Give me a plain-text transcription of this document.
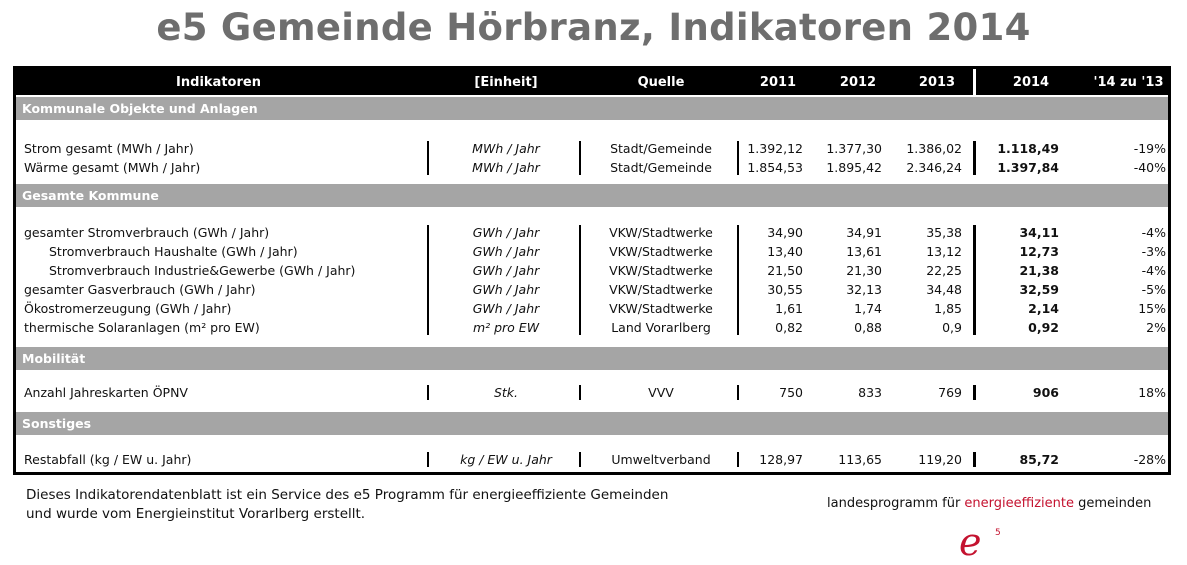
e5 Gemeinde Hörbranz, Indikatoren 2014
Indikatoren	[Einheit]	Quelle	2011	2012	2013	2014	'14 zu '13
Kommunale Objekte und Anlagen
Strom gesamt (MWh / Jahr)	MWh / Jahr	Stadt/Gemeinde	1.392,12	1.377,30	1.386,02	1.118,49	-19%
Wärme gesamt (MWh / Jahr)	MWh / Jahr	Stadt/Gemeinde	1.854,53	1.895,42	2.346,24	1.397,84	-40%
Gesamte Kommune
gesamter Stromverbrauch (GWh / Jahr)	GWh / Jahr	VKW/Stadtwerke	34,90	34,91	35,38	34,11	-4%
Stromverbrauch Haushalte (GWh / Jahr)	GWh / Jahr	VKW/Stadtwerke	13,40	13,61	13,12	12,73	-3%
Stromverbrauch Industrie&Gewerbe (GWh / Jahr)	GWh / Jahr	VKW/Stadtwerke	21,50	21,30	22,25	21,38	-4%
gesamter Gasverbrauch (GWh / Jahr)	GWh / Jahr	VKW/Stadtwerke	30,55	32,13	34,48	32,59	-5%
Ökostromerzeugung (GWh / Jahr)	GWh / Jahr	VKW/Stadtwerke	1,61	1,74	1,85	2,14	15%
thermische Solaranlagen (m² pro EW)	m² pro EW	Land Vorarlberg	0,82	0,88	0,9	0,92	2%
Mobilität
Anzahl Jahreskarten ÖPNV	Stk.	VVV	750	833	769	906	18%
Sonstiges
Restabfall (kg / EW u. Jahr)	kg / EW u. Jahr	Umweltverband	128,97	113,65	119,20	85,72	-28%
Dieses Indikatorendatenblatt ist ein Service des e5 Programm für energieeffiziente Gemeinden
und wurde vom Energieinstitut Vorarlberg erstellt.
landesprogramm für energieeffiziente gemeinden
e 5
